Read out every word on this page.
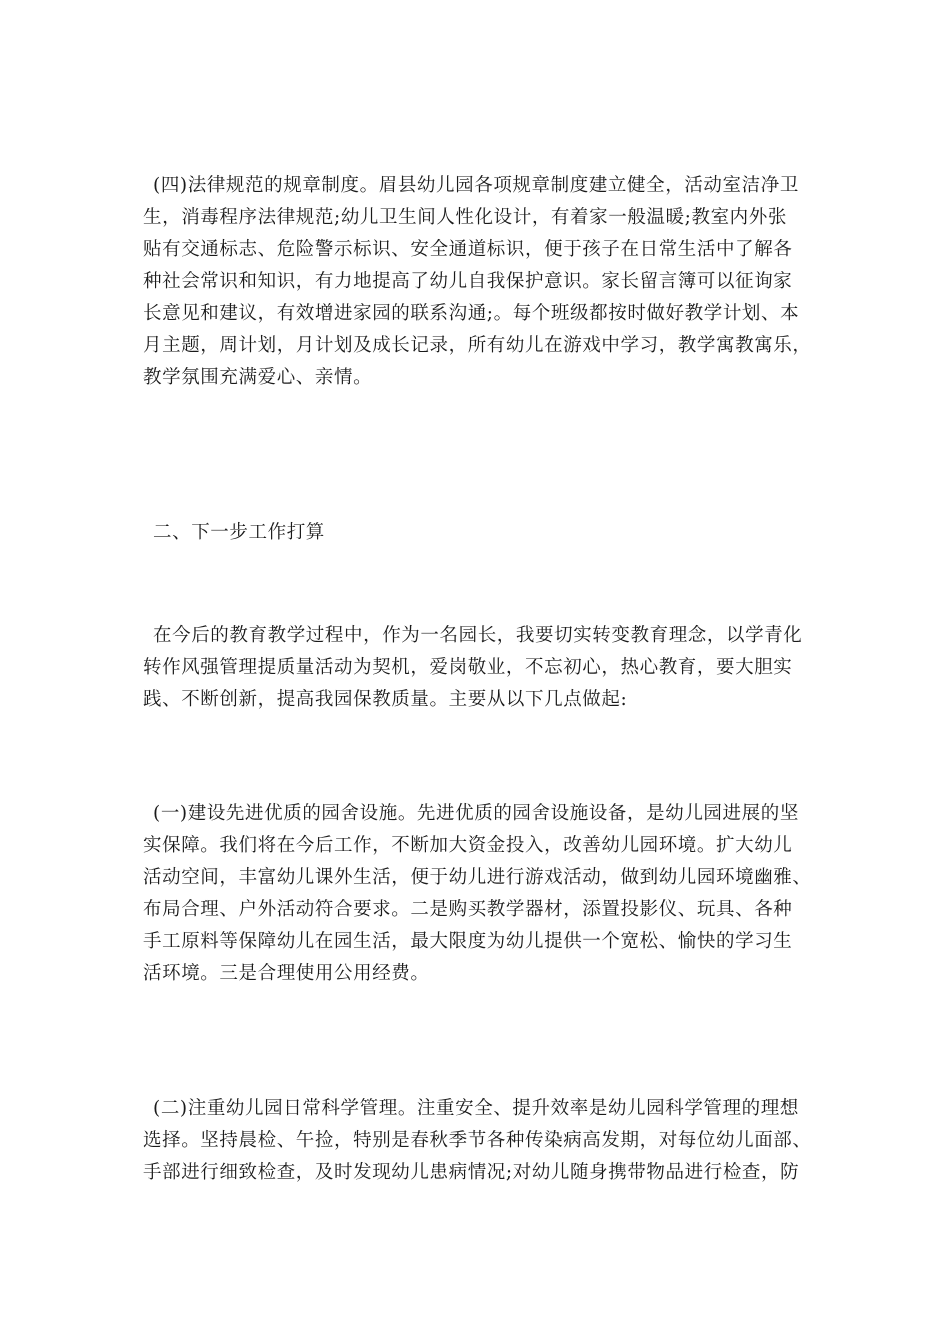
(四)法律规范的规章制度。眉县幼儿园各项规章制度建立健全，活动室洁净卫
生，消毒程序法律规范;幼儿卫生间人性化设计，有着家一般温暖;教室内外张
贴有交通标志、危险警示标识、安全通道标识，便于孩子在日常生活中了解各
种社会常识和知识，有力地提高了幼儿自我保护意识。家长留言簿可以征询家
长意见和建议，有效增进家园的联系沟通;。每个班级都按时做好教学计划、本
月主题，周计划，月计划及成长记录，所有幼儿在游戏中学习，教学寓教寓乐，
教学氛围充满爱心、亲情。
二、下一步工作打算
在今后的教育教学过程中，作为一名园长，我要切实转变教育理念，以学青化
转作风强管理提质量活动为契机，爱岗敬业，不忘初心，热心教育，要大胆实
践、不断创新，提高我园保教质量。主要从以下几点做起:
(一)建设先进优质的园舍设施。先进优质的园舍设施设备，是幼儿园进展的坚
实保障。我们将在今后工作，不断加大资金投入，改善幼儿园环境。扩大幼儿
活动空间，丰富幼儿课外生活，便于幼儿进行游戏活动，做到幼儿园环境幽雅、
布局合理、户外活动符合要求。二是购买教学器材，添置投影仪、玩具、各种
手工原料等保障幼儿在园生活，最大限度为幼儿提供一个宽松、愉快的学习生
活环境。三是合理使用公用经费。
(二)注重幼儿园日常科学管理。注重安全、提升效率是幼儿园科学管理的理想
选择。坚持晨检、午捡，特别是春秋季节各种传染病高发期，对每位幼儿面部、
手部进行细致检查，及时发现幼儿患病情况;对幼儿随身携带物品进行检查，防
